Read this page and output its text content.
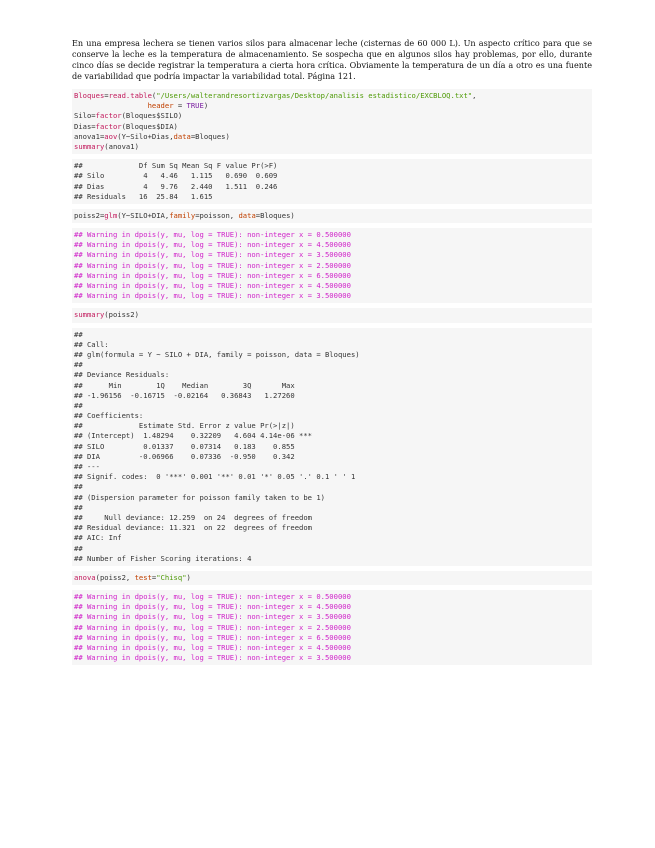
En una empresa lechera se tienen varios silos para almacenar leche (cisternas de 60 000 L). Un aspecto crítico para que se conserve la leche es la temperatura de almacenamiento. Se sospecha que en algunos silos hay problemas, por ello, durante cinco días se decide registrar la temperatura a cierta hora crítica. Obviamente la temperatura de un día a otro es una fuente de variabilidad que podría impactar la variabilidad total. Página 121.

Bloques=read.table("/Users/walterandresortizvargas/Desktop/analisis estadistico/EXCBLOQ.txt",
header = TRUE)
Silo=factor(Bloques$SILO)
Dias=factor(Bloques$DIA)
anova1=aov(Y~Silo+Dias,data=Bloques)
summary(anova1)
##             Df Sum Sq Mean Sq F value Pr(>F)
## Silo         4   4.46   1.115   0.690  0.609
## Dias         4   9.76   2.440   1.511  0.246
## Residuals   16  25.84   1.615
poiss2=glm(Y~SILO+DIA,family=poisson, data=Bloques)
## Warning in dpois(y, mu, log = TRUE): non-integer x = 0.500000
## Warning in dpois(y, mu, log = TRUE): non-integer x = 4.500000
## Warning in dpois(y, mu, log = TRUE): non-integer x = 3.500000
## Warning in dpois(y, mu, log = TRUE): non-integer x = 2.500000
## Warning in dpois(y, mu, log = TRUE): non-integer x = 6.500000
## Warning in dpois(y, mu, log = TRUE): non-integer x = 4.500000
## Warning in dpois(y, mu, log = TRUE): non-integer x = 3.500000
summary(poiss2)
##
## Call:
## glm(formula = Y ~ SILO + DIA, family = poisson, data = Bloques)
##
## Deviance Residuals:
##      Min        1Q    Median        3Q       Max
## -1.96156  -0.16715  -0.02164   0.36843   1.27260
##
## Coefficients:
##             Estimate Std. Error z value Pr(>|z|)
## (Intercept)  1.48294    0.32209   4.604 4.14e-06 ***
## SILO         0.01337    0.07314   0.183    0.855
## DIA         -0.06966    0.07336  -0.950    0.342
## ---
## Signif. codes:  0 '***' 0.001 '**' 0.01 '*' 0.05 '.' 0.1 ' ' 1
##
## (Dispersion parameter for poisson family taken to be 1)
##
##     Null deviance: 12.259  on 24  degrees of freedom
## Residual deviance: 11.321  on 22  degrees of freedom
## AIC: Inf
##
## Number of Fisher Scoring iterations: 4
anova(poiss2, test="Chisq")
## Warning in dpois(y, mu, log = TRUE): non-integer x = 0.500000
## Warning in dpois(y, mu, log = TRUE): non-integer x = 4.500000
## Warning in dpois(y, mu, log = TRUE): non-integer x = 3.500000
## Warning in dpois(y, mu, log = TRUE): non-integer x = 2.500000
## Warning in dpois(y, mu, log = TRUE): non-integer x = 6.500000
## Warning in dpois(y, mu, log = TRUE): non-integer x = 4.500000
## Warning in dpois(y, mu, log = TRUE): non-integer x = 3.500000
